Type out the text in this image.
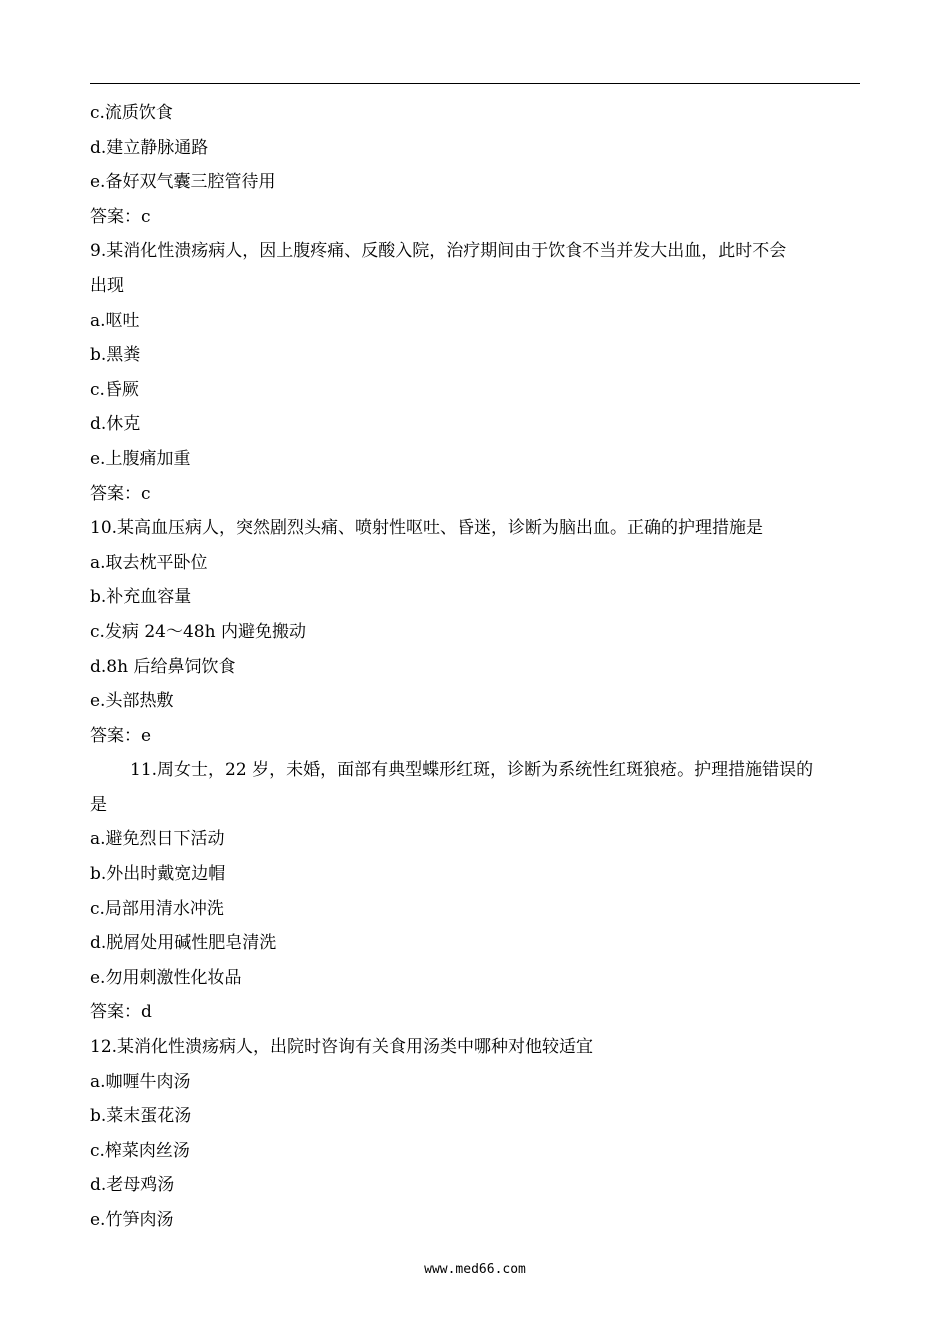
c.流质饮食
d.建立静脉通路
e.备好双气囊三腔管待用
答案：c
9.某消化性溃疡病人，因上腹疼痛、反酸入院，治疗期间由于饮食不当并发大出血，此时不会
出现
a.呕吐
b.黑粪
c.昏厥
d.休克
e.上腹痛加重
答案：c
10.某高血压病人，突然剧烈头痛、喷射性呕吐、昏迷，诊断为脑出血。正确的护理措施是
a.取去枕平卧位
b.补充血容量
c.发病 24～48h 内避免搬动
d.8h 后给鼻饲饮食
e.头部热敷
答案：e
11.周女士，22 岁，未婚，面部有典型蝶形红斑，诊断为系统性红斑狼疮。护理措施错误的
是
a.避免烈日下活动
b.外出时戴宽边帽
c.局部用清水冲洗
d.脱屑处用碱性肥皂清洗
e.勿用刺激性化妆品
答案：d
12.某消化性溃疡病人，出院时咨询有关食用汤类中哪种对他较适宜
a.咖喱牛肉汤
b.菜末蛋花汤
c.榨菜肉丝汤
d.老母鸡汤
e.竹笋肉汤
www.med66.com
